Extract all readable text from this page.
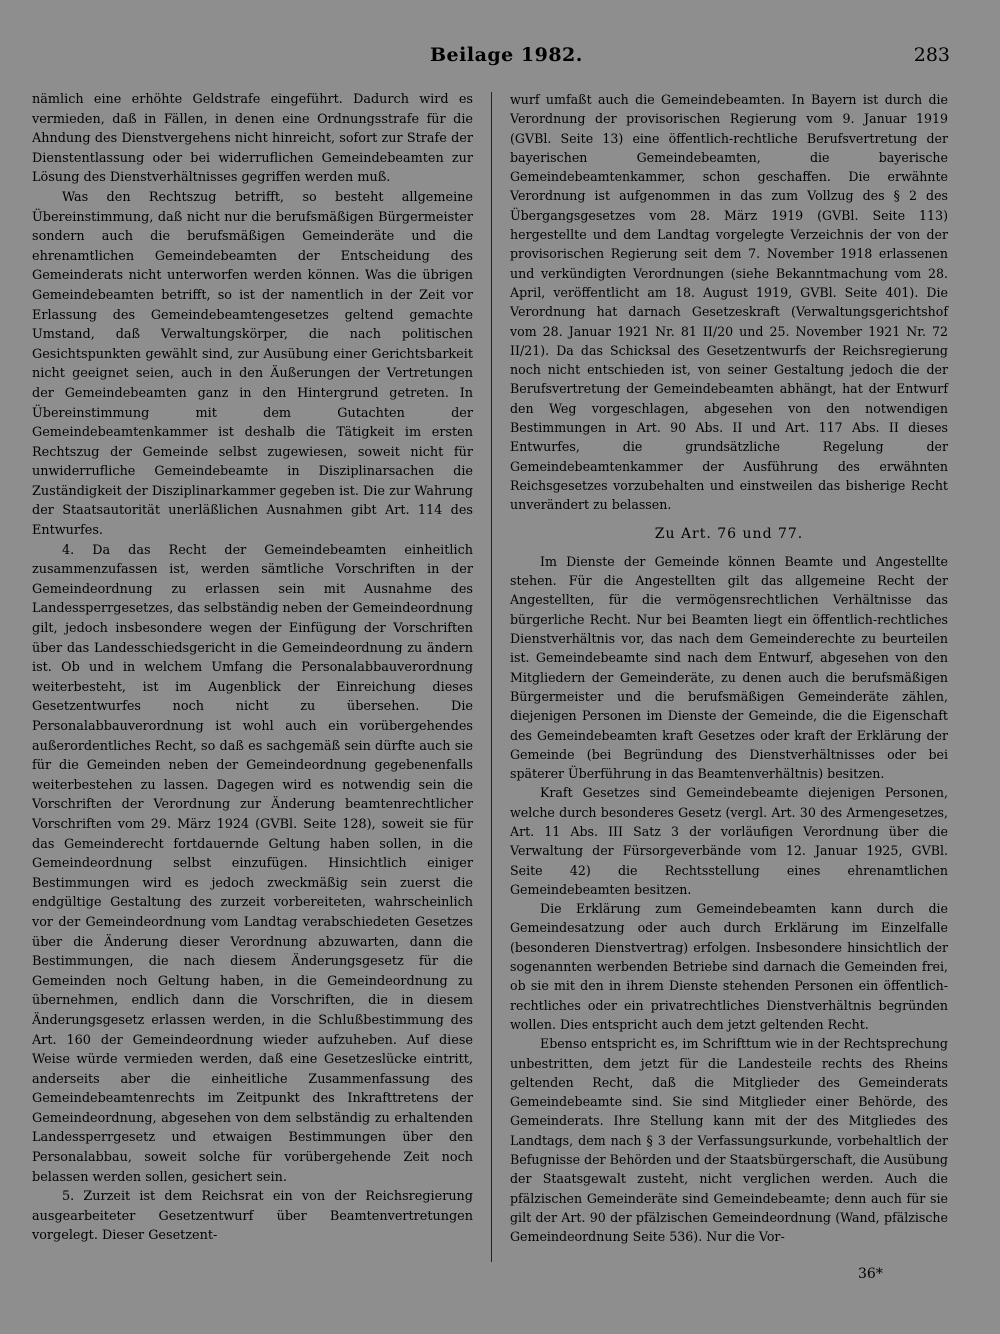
Beilage 1982.	283

nämlich eine erhöhte Geldstrafe eingeführt. Dadurch wird es vermieden, daß in Fällen, in denen eine Ordnungsstrafe für die Ahndung des Dienstvergehens nicht hinreicht, sofort zur Strafe der Dienstentlassung oder bei widerruflichen Gemeindebeamten zur Lösung des Dienstverhältnisses gegriffen werden muß.

Was den Rechtszug betrifft, so besteht allgemeine Übereinstimmung, daß nicht nur die berufsmäßigen Bürgermeister sondern auch die berufsmäßigen Gemeinderäte und die ehrenamtlichen Gemeindebeamten der Entscheidung des Gemeinderats nicht unterworfen werden können. Was die übrigen Gemeindebeamten betrifft, so ist der namentlich in der Zeit vor Erlassung des Gemeindebeamtengesetzes geltend gemachte Umstand, daß Verwaltungskörper, die nach politischen Gesichtspunkten gewählt sind, zur Ausübung einer Gerichtsbarkeit nicht geeignet seien, auch in den Äußerungen der Vertretungen der Gemeindebeamten ganz in den Hintergrund getreten. In Übereinstimmung mit dem Gutachten der Gemeindebeamtenkammer ist deshalb die Tätigkeit im ersten Rechtszug der Gemeinde selbst zugewiesen, soweit nicht für unwiderrufliche Gemeindebeamte in Disziplinarsachen die Zuständigkeit der Disziplinarkammer gegeben ist. Die zur Wahrung der Staatsautorität unerläßlichen Ausnahmen gibt Art. 114 des Entwurfes.

4. Da das Recht der Gemeindebeamten einheitlich zusammenzufassen ist, werden sämtliche Vorschriften in der Gemeindeordnung zu erlassen sein mit Ausnahme des Landessperrgesetzes, das selbständig neben der Gemeindeordnung gilt, jedoch insbesondere wegen der Einfügung der Vorschriften über das Landesschiedsgericht in die Gemeindeordnung zu ändern ist. Ob und in welchem Umfang die Personalabbauverordnung weiterbesteht, ist im Augenblick der Einreichung dieses Gesetzentwurfes noch nicht zu übersehen. Die Personalabbauverordnung ist wohl auch ein vorübergehendes außerordentliches Recht, so daß es sachgemäß sein dürfte auch sie für die Gemeinden neben der Gemeindeordnung gegebenenfalls weiterbestehen zu lassen. Dagegen wird es notwendig sein die Vorschriften der Verordnung zur Änderung beamtenrechtlicher Vorschriften vom 29. März 1924 (GVBl. Seite 128), soweit sie für das Gemeinderecht fortdauernde Geltung haben sollen, in die Gemeindeordnung selbst einzufügen. Hinsichtlich einiger Bestimmungen wird es jedoch zweckmäßig sein zuerst die endgültige Gestaltung des zurzeit vorbereiteten, wahrscheinlich vor der Gemeindeordnung vom Landtag verabschiedeten Gesetzes über die Änderung dieser Verordnung abzuwarten, dann die Bestimmungen, die nach diesem Änderungsgesetz für die Gemeinden noch Geltung haben, in die Gemeindeordnung zu übernehmen, endlich dann die Vorschriften, die in diesem Änderungsgesetz erlassen werden, in die Schlußbestimmung des Art. 160 der Gemeindeordnung wieder aufzuheben. Auf diese Weise würde vermieden werden, daß eine Gesetzeslücke eintritt, anderseits aber die einheitliche Zusammenfassung des Gemeindebeamtenrechts im Zeitpunkt des Inkrafttretens der Gemeindeordnung, abgesehen von dem selbständig zu erhaltenden Landessperrgesetz und etwaigen Bestimmungen über den Personalabbau, soweit solche für vorübergehende Zeit noch belassen werden sollen, gesichert sein.

5. Zurzeit ist dem Reichsrat ein von der Reichsregierung ausgearbeiteter Gesetzentwurf über Beamtenvertretungen vorgelegt. Dieser Gesetzent-

wurf umfaßt auch die Gemeindebeamten. In Bayern ist durch die Verordnung der provisorischen Regierung vom 9. Januar 1919 (GVBl. Seite 13) eine öffentlich-rechtliche Berufsvertretung der bayerischen Gemeindebeamten, die bayerische Gemeindebeamtenkammer, schon geschaffen. Die erwähnte Verordnung ist aufgenommen in das zum Vollzug des § 2 des Übergangsgesetzes vom 28. März 1919 (GVBl. Seite 113) hergestellte und dem Landtag vorgelegte Verzeichnis der von der provisorischen Regierung seit dem 7. November 1918 erlassenen und verkündigten Verordnungen (siehe Bekanntmachung vom 28. April, veröffentlicht am 18. August 1919, GVBl. Seite 401). Die Verordnung hat darnach Gesetzeskraft (Verwaltungsgerichtshof vom 28. Januar 1921 Nr. 81 II/20 und 25. November 1921 Nr. 72 II/21). Da das Schicksal des Gesetzentwurfs der Reichsregierung noch nicht entschieden ist, von seiner Gestaltung jedoch die der Berufsvertretung der Gemeindebeamten abhängt, hat der Entwurf den Weg vorgeschlagen, abgesehen von den notwendigen Bestimmungen in Art. 90 Abs. II und Art. 117 Abs. II dieses Entwurfes, die grundsätzliche Regelung der Gemeindebeamtenkammer der Ausführung des erwähnten Reichsgesetzes vorzubehalten und einstweilen das bisherige Recht unverändert zu belassen.

Zu Art. 76 und 77.

Im Dienste der Gemeinde können Beamte und Angestellte stehen. Für die Angestellten gilt das allgemeine Recht der Angestellten, für die vermögensrechtlichen Verhältnisse das bürgerliche Recht. Nur bei Beamten liegt ein öffentlich-rechtliches Dienstverhältnis vor, das nach dem Gemeinderechte zu beurteilen ist. Gemeindebeamte sind nach dem Entwurf, abgesehen von den Mitgliedern der Gemeinderäte, zu denen auch die berufsmäßigen Bürgermeister und die berufsmäßigen Gemeinderäte zählen, diejenigen Personen im Dienste der Gemeinde, die die Eigenschaft des Gemeindebeamten kraft Gesetzes oder kraft der Erklärung der Gemeinde (bei Begründung des Dienstverhältnisses oder bei späterer Überführung in das Beamtenverhältnis) besitzen.

Kraft Gesetzes sind Gemeindebeamte diejenigen Personen, welche durch besonderes Gesetz (vergl. Art. 30 des Armengesetzes, Art. 11 Abs. III Satz 3 der vorläufigen Verordnung über die Verwaltung der Fürsorgeverbände vom 12. Januar 1925, GVBl. Seite 42) die Rechtsstellung eines ehrenamtlichen Gemeindebeamten besitzen.

Die Erklärung zum Gemeindebeamten kann durch die Gemeindesatzung oder auch durch Erklärung im Einzelfalle (besonderen Dienstvertrag) erfolgen. Insbesondere hinsichtlich der sogenannten werbenden Betriebe sind darnach die Gemeinden frei, ob sie mit den in ihrem Dienste stehenden Personen ein öffentlich-rechtliches oder ein privatrechtliches Dienstverhältnis begründen wollen. Dies entspricht auch dem jetzt geltenden Recht.

Ebenso entspricht es, im Schrifttum wie in der Rechtsprechung unbestritten, dem jetzt für die Landesteile rechts des Rheins geltenden Recht, daß die Mitglieder des Gemeinderats Gemeindebeamte sind. Sie sind Mitglieder einer Behörde, des Gemeinderats. Ihre Stellung kann mit der des Mitgliedes des Landtags, dem nach § 3 der Verfassungsurkunde, vorbehaltlich der Befugnisse der Behörden und der Staatsbürgerschaft, die Ausübung der Staatsgewalt zusteht, nicht verglichen werden. Auch die pfälzischen Gemeinderäte sind Gemeindebeamte; denn auch für sie gilt der Art. 90 der pfälzischen Gemeindeordnung (Wand, pfälzische Gemeindeordnung Seite 536). Nur die Vor-

36*
